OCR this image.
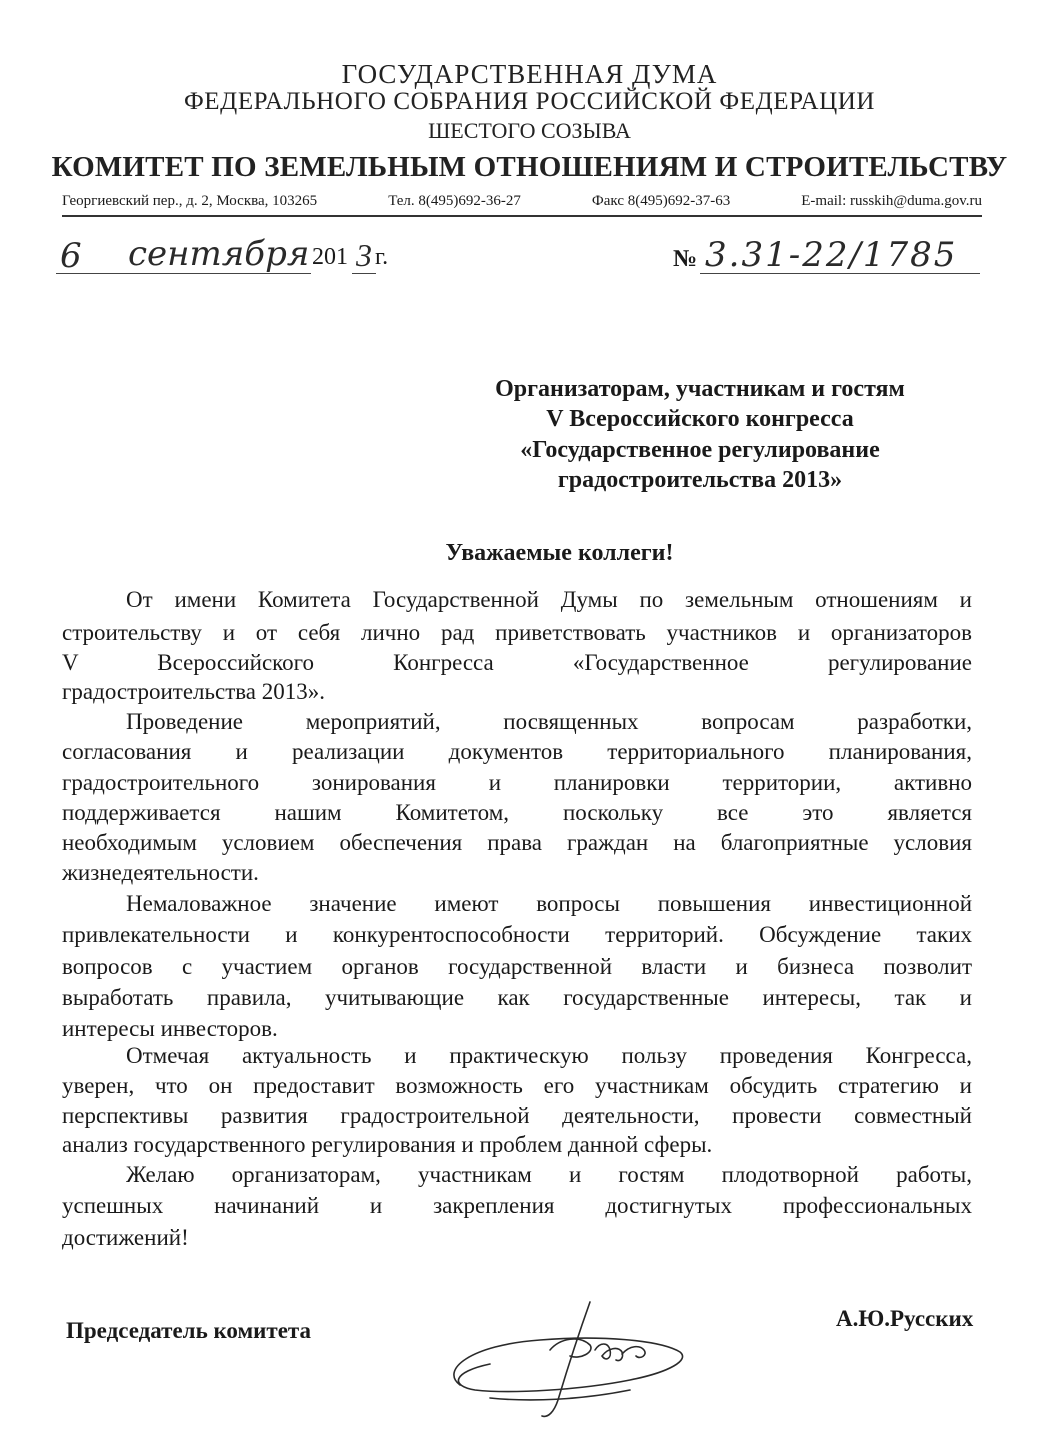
ГОСУДАРСТВЕННАЯ ДУМА
ФЕДЕРАЛЬНОГО СОБРАНИЯ РОССИЙСКОЙ ФЕДЕРАЦИИ
ШЕСТОГО СОЗЫВА
КОМИТЕТ ПО ЗЕМЕЛЬНЫМ ОТНОШЕНИЯМ И СТРОИТЕЛЬСТВУ
Георгиевский пер., д. 2, Москва, 103265	Тел. 8(495)692-36-27	Факс 8(495)692-37-63	E-mail: russkih@duma.gov.ru
6 сентября 201 3 г.	№ 3.31-22/1785
Организаторам, участникам и гостям
V Всероссийского конгресса
«Государственное регулирование
градостроительства 2013»
Уважаемые коллеги!
От имени Комитета Государственной Думы по земельным отношениям и
строительству и от себя лично рад приветствовать участников и организаторов
V Всероссийского Конгресса «Государственное регулирование
градостроительства 2013».
Проведение мероприятий, посвященных вопросам разработки,
согласования и реализации документов территориального планирования,
градостроительного зонирования и планировки территории, активно
поддерживается нашим Комитетом, поскольку все это является
необходимым условием обеспечения права граждан на благоприятные условия
жизнедеятельности.
Немаловажное значение имеют вопросы повышения инвестиционной
привлекательности и конкурентоспособности территорий. Обсуждение таких
вопросов с участием органов государственной власти и бизнеса позволит
выработать правила, учитывающие как государственные интересы, так и
интересы инвесторов.
Отмечая актуальность и практическую пользу проведения Конгресса,
уверен, что он предоставит возможность его участникам обсудить стратегию и
перспективы развития градостроительной деятельности, провести совместный
анализ государственного регулирования и проблем данной сферы.
Желаю организаторам, участникам и гостям плодотворной работы,
успешных начинаний и закрепления достигнутых профессиональных
достижений!
Председатель комитета	А.Ю.Русских
